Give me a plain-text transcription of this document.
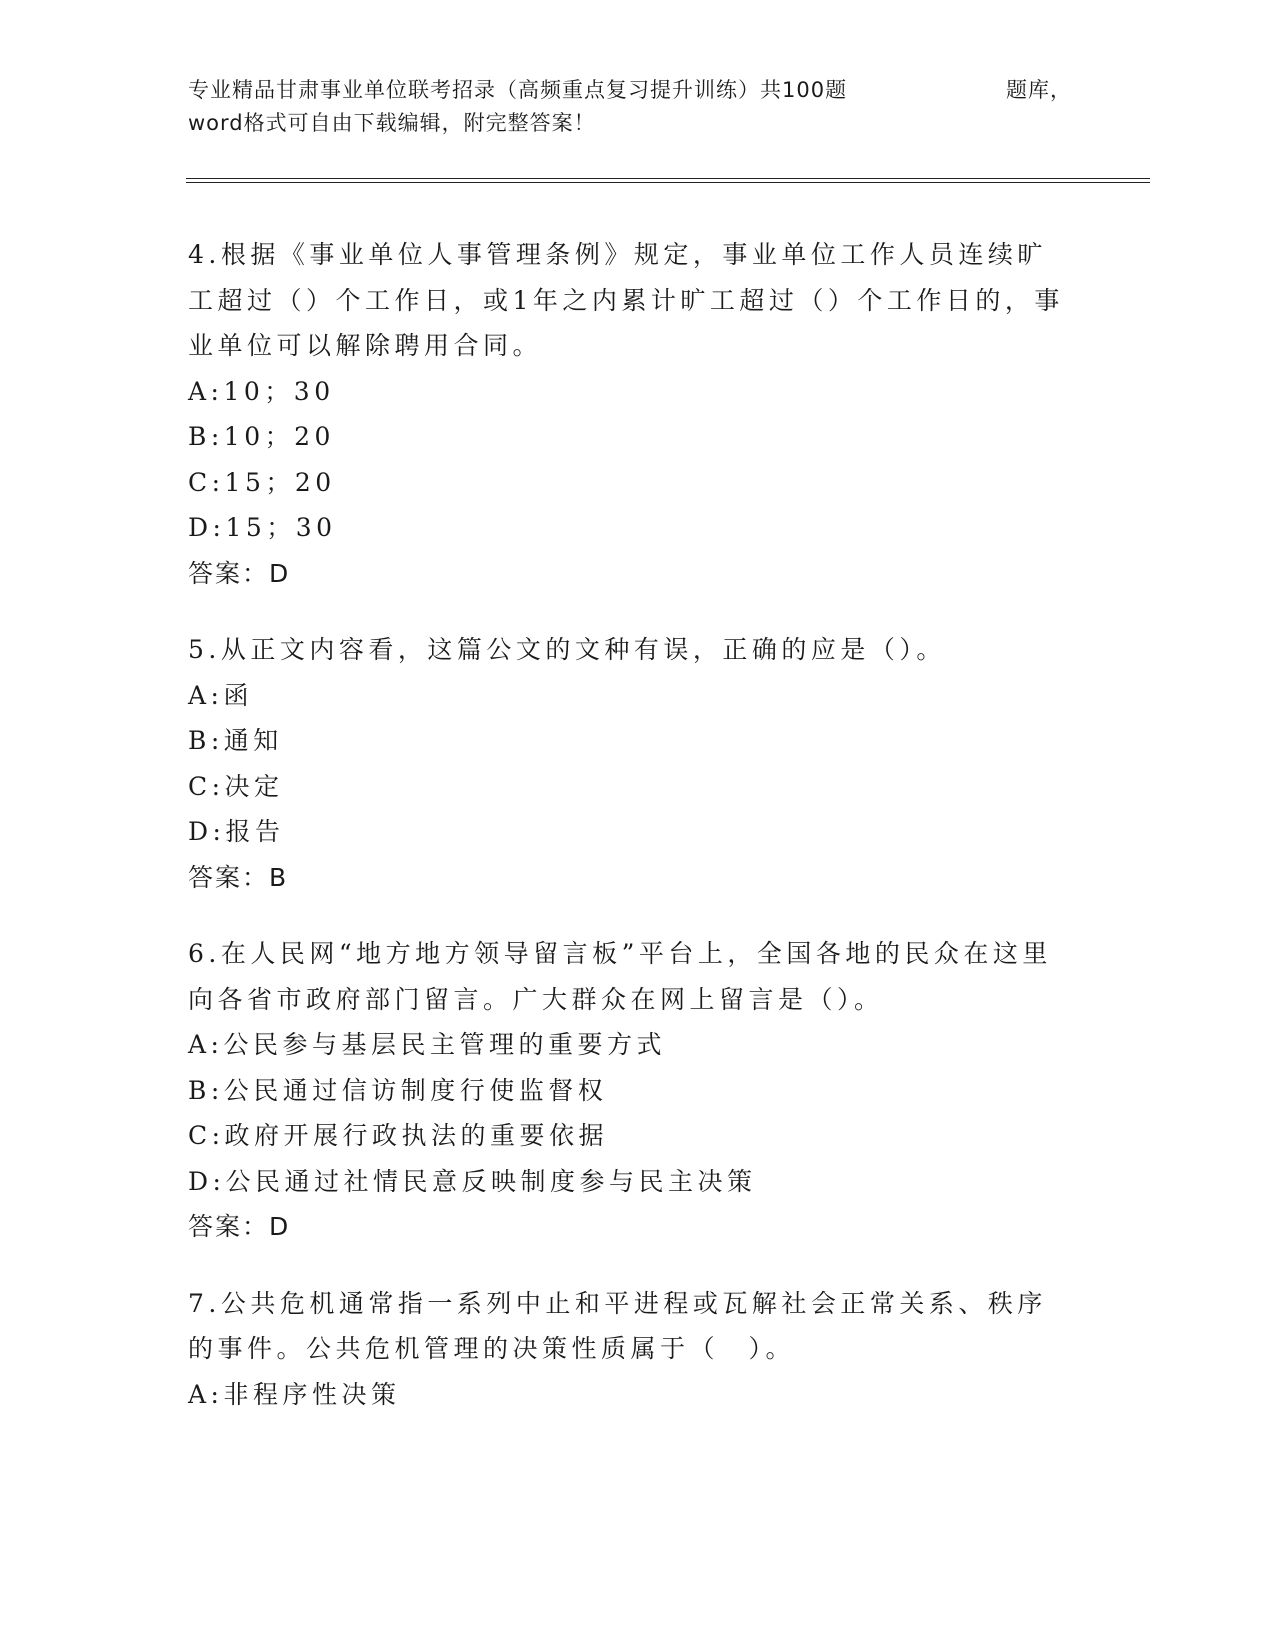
专业精品甘肃事业单位联考招录（高频重点复习提升训练）共100题	题库，
word格式可自由下载编辑，附完整答案！
4.根据《事业单位人事管理条例》规定，事业单位工作人员连续旷工超过（）个工作日，或1年之内累计旷工超过（）个工作日的，事业单位可以解除聘用合同。
A:10；30
B:10；20
C:15；20
D:15；30
答案：D
5.从正文内容看，这篇公文的文种有误，正确的应是（）。
A:函
B:通知
C:决定
D:报告
答案：B
6.在人民网“地方地方领导留言板”平台上，全国各地的民众在这里向各省市政府部门留言。广大群众在网上留言是（）。
A:公民参与基层民主管理的重要方式
B:公民通过信访制度行使监督权
C:政府开展行政执法的重要依据
D:公民通过社情民意反映制度参与民主决策
答案：D
7.公共危机通常指一系列中止和平进程或瓦解社会正常关系、秩序的事件。公共危机管理的决策性质属于（　）。
A:非程序性决策
